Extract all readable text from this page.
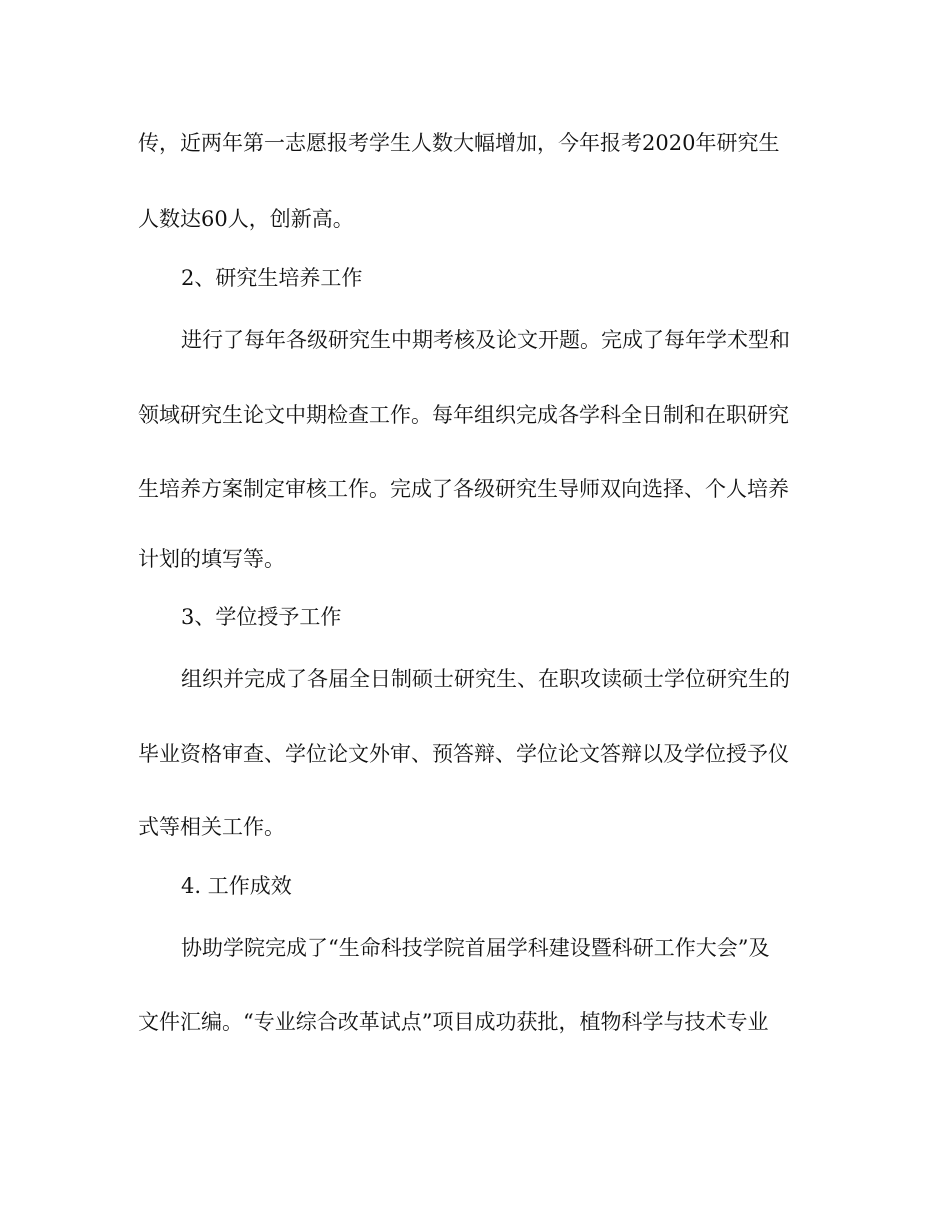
传，近两年第一志愿报考学生人数大幅增加，今年报考2020年研究生
人数达60人，创新高。
2、研究生培养工作
进行了每年各级研究生中期考核及论文开题。完成了每年学术型和
领域研究生论文中期检查工作。每年组织完成各学科全日制和在职研究
生培养方案制定审核工作。完成了各级研究生导师双向选择、个人培养
计划的填写等。
3、学位授予工作
组织并完成了各届全日制硕士研究生、在职攻读硕士学位研究生的
毕业资格审查、学位论文外审、预答辩、学位论文答辩以及学位授予仪
式等相关工作。
4. 工作成效
协助学院完成了“生命科技学院首届学科建设暨科研工作大会”及
文件汇编。“专业综合改革试点”项目成功获批，植物科学与技术专业
